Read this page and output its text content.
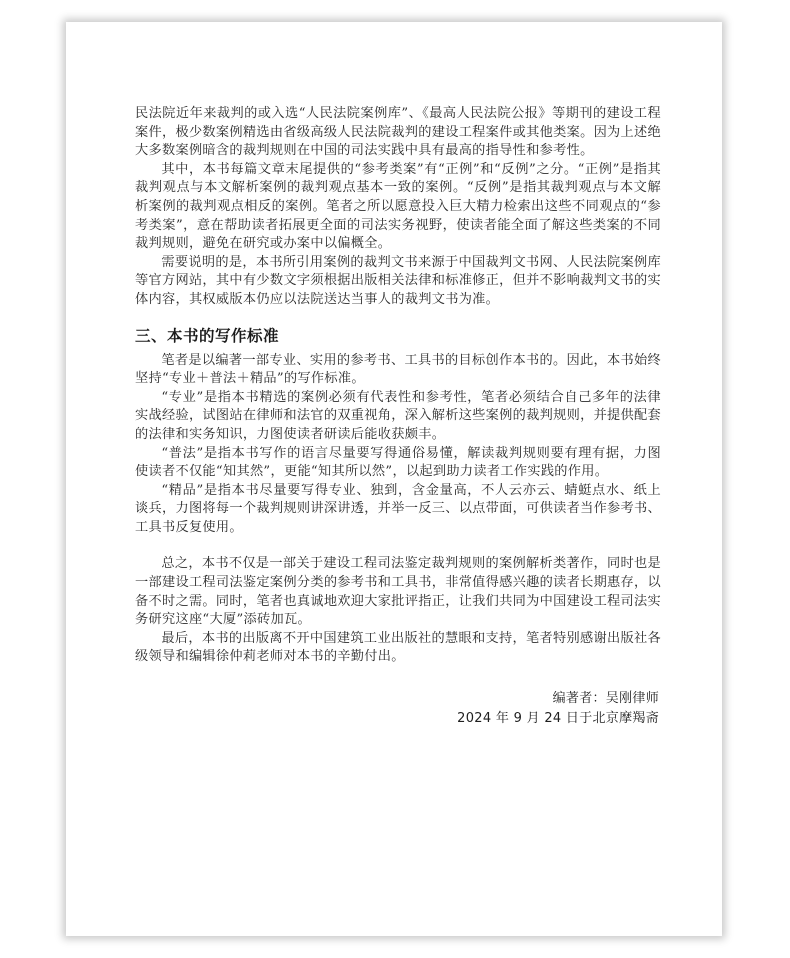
民法院近年来裁判的或入选“人民法院案例库”、《最高人民法院公报》等期刊的建设工程案件，极少数案例精选由省级高级人民法院裁判的建设工程案件或其他类案。因为上述绝大多数案例暗含的裁判规则在中国的司法实践中具有最高的指导性和参考性。

其中，本书每篇文章末尾提供的“参考类案”有“正例”和“反例”之分。“正例”是指其裁判观点与本文解析案例的裁判观点基本一致的案例。“反例”是指其裁判观点与本文解析案例的裁判观点相反的案例。笔者之所以愿意投入巨大精力检索出这些不同观点的“参考类案”，意在帮助读者拓展更全面的司法实务视野，使读者能全面了解这些类案的不同裁判规则，避免在研究或办案中以偏概全。

需要说明的是，本书所引用案例的裁判文书来源于中国裁判文书网、人民法院案例库等官方网站，其中有少数文字须根据出版相关法律和标准修正，但并不影响裁判文书的实体内容，其权威版本仍应以法院送达当事人的裁判文书为准。

三、本书的写作标准

笔者是以编著一部专业、实用的参考书、工具书的目标创作本书的。因此，本书始终坚持“专业＋普法＋精品”的写作标准。

“专业”是指本书精选的案例必须有代表性和参考性，笔者必须结合自己多年的法律实战经验，试图站在律师和法官的双重视角，深入解析这些案例的裁判规则，并提供配套的法律和实务知识，力图使读者研读后能收获颇丰。

“普法”是指本书写作的语言尽量要写得通俗易懂，解读裁判规则要有理有据，力图使读者不仅能“知其然”，更能“知其所以然”，以起到助力读者工作实践的作用。

“精品”是指本书尽量要写得专业、独到，含金量高，不人云亦云、蜻蜓点水、纸上谈兵，力图将每一个裁判规则讲深讲透，并举一反三、以点带面，可供读者当作参考书、工具书反复使用。

总之，本书不仅是一部关于建设工程司法鉴定裁判规则的案例解析类著作，同时也是一部建设工程司法鉴定案例分类的参考书和工具书，非常值得感兴趣的读者长期惠存，以备不时之需。同时，笔者也真诚地欢迎大家批评指正，让我们共同为中国建设工程司法实务研究这座“大厦”添砖加瓦。

最后，本书的出版离不开中国建筑工业出版社的慧眼和支持，笔者特别感谢出版社各级领导和编辑徐仲莉老师对本书的辛勤付出。

编著者：吴刚律师
2024 年 9 月 24 日于北京摩羯斋
